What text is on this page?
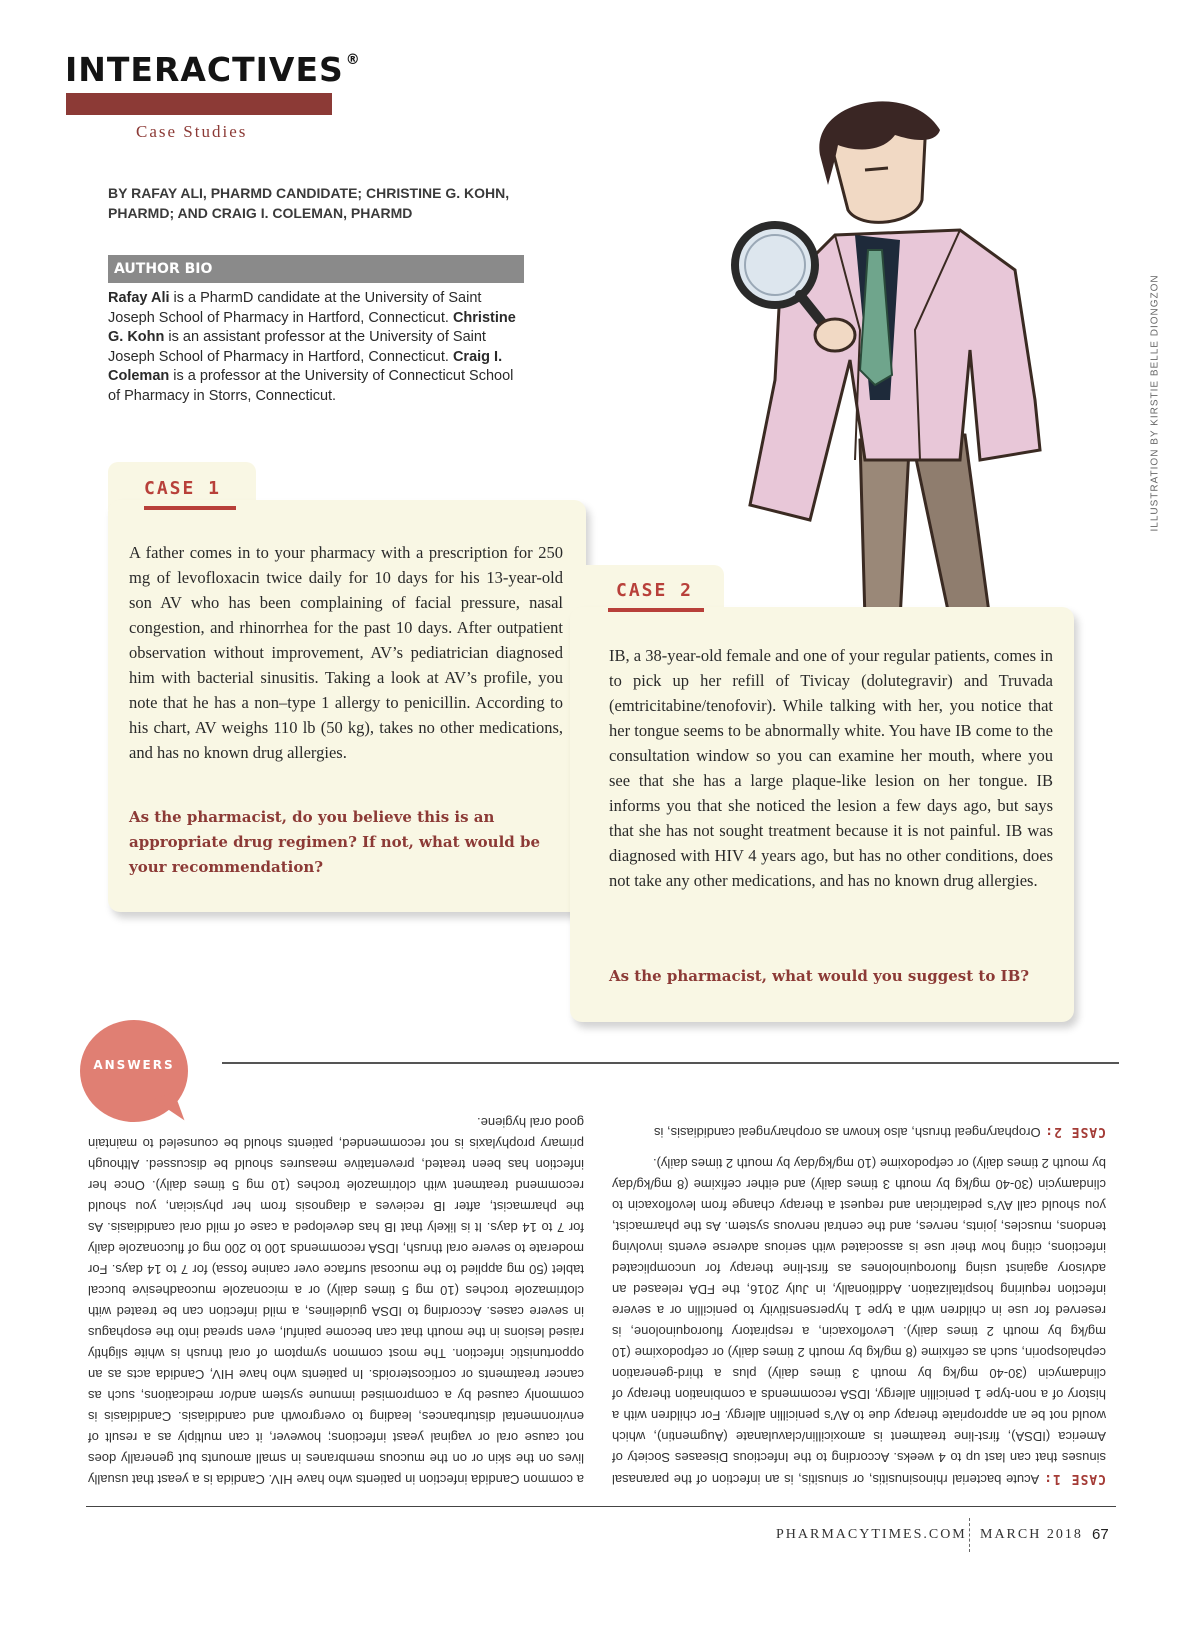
INTERACTIVES ®
Case Studies
BY RAFAY ALI, PHARMD CANDIDATE; CHRISTINE G. KOHN, PHARMD; AND CRAIG I. COLEMAN, PHARMD
AUTHOR BIO
Rafay Ali is a PharmD candidate at the University of Saint Joseph School of Pharmacy in Hartford, Connecticut. Christine G. Kohn is an assistant professor at the University of Saint Joseph School of Pharmacy in Hartford, Connecticut. Craig I. Coleman is a professor at the University of Connecticut School of Pharmacy in Storrs, Connecticut.	ILLUSTRATION BY KIRSTIE BELLE DIONGZON
CASE 1
A father comes in to your pharmacy with a prescription for 250 mg of levofloxacin twice daily for 10 days for his 13-year-old son AV who has been complaining of facial pressure, nasal congestion, and rhinorrhea for the past 10 days. After outpatient observation without improvement, AV’s pediatrician diagnosed him with bacterial sinusitis. Taking a look at AV’s profile, you note that he has a non–type 1 allergy to penicillin. According to his chart, AV weighs 110 lb (50 kg), takes no other medications, and has no known drug allergies.
As the pharmacist, do you believe this is an appropriate drug regimen? If not, what would be your recommendation?
CASE 2
IB, a 38-year-old female and one of your regular patients, comes in to pick up her refill of Tivicay (dolutegravir) and Truvada (emtricitabine/tenofovir). While talking with her, you notice that her tongue seems to be abnormally white. You have IB come to the consultation window so you can examine her mouth, where you see that she has a large plaque-like lesion on her tongue. IB informs you that she noticed the lesion a few days ago, but says that she has not sought treatment because it is not painful. IB was diagnosed with HIV 4 years ago, but has no other conditions, does not take any other medications, and has no known drug allergies.
As the pharmacist, what would you suggest to IB?
ANSWERS
CASE 1: Acute bacterial rhinosinusitis, or sinusitis, is an infection of the paranasal sinuses that can last up to 4 weeks. According to the Infectious Diseases Society of America (IDSA), first-line treatment is amoxicillin/clavulanate (Augmentin), which would not be an appropriate therapy due to AV’s penicillin allergy. For children with a history of a non-type 1 penicillin allergy, IDSA recommends a combination therapy of clindamycin (30-40 mg/kg by mouth 3 times daily) plus a third-generation cephalosporin, such as cefixime (8 mg/kg by mouth 2 times daily) or cefpodoxime (10 mg/kg by mouth 2 times daily). Levofloxacin, a respiratory fluoroquinolone, is reserved for use in children with a type 1 hypersensitivity to penicillin or a severe infection requiring hospitalization. Additionally, in July 2016, the FDA released an advisory against using fluoroquinolones as first-line therapy for uncomplicated infections, citing how their use is associated with serious adverse events involving tendons, muscles, joints, nerves, and the central nervous system. As the pharmacist, you should call AV’s pediatrician and request a therapy change from levofloxacin to clindamycin (30-40 mg/kg by mouth 3 times daily) and either cefixime (8 mg/kg/day by mouth 2 times daily) or cefpodoxime (10 mg/kg/day by mouth 2 times daily).
CASE 2: Oropharyngeal thrush, also known as oropharyngeal candidiasis, is
a common Candida infection in patients who have HIV. Candida is a yeast that usually lives on the skin or on the mucous membranes in small amounts but generally does not cause oral or vaginal yeast infections; however, it can multiply as a result of environmental disturbances, leading to overgrowth and candidiasis. Candidiasis is commonly caused by a compromised immune system and/or medications, such as cancer treatments or corticosteroids. In patients who have HIV, Candida acts as an opportunistic infection. The most common symptom of oral thrush is white slightly raised lesions in the mouth that can become painful, even spread into the esophagus in severe cases. According to IDSA guidelines, a mild infection can be treated with clotrimazole troches (10 mg 5 times daily) or a miconazole mucoadhesive buccal tablet (50 mg applied to the mucosal surface over canine fossa) for 7 to 14 days. For moderate to severe oral thrush, IDSA recommends 100 to 200 mg of fluconazole daily for 7 to 14 days. It is likely that IB has developed a case of mild oral candidiasis. As the pharmacist, after IB recieves a diagnosis from her physician, you should recommend treatment with clotrimazole troches (10 mg 5 times daily). Once her infection has been treated, preventative measures should be discussed. Although primary prophylaxis is not recommended, patients should be counseled to maintain good oral hygiene.
PHARMACYTIMES.COM MARCH 2018 67
